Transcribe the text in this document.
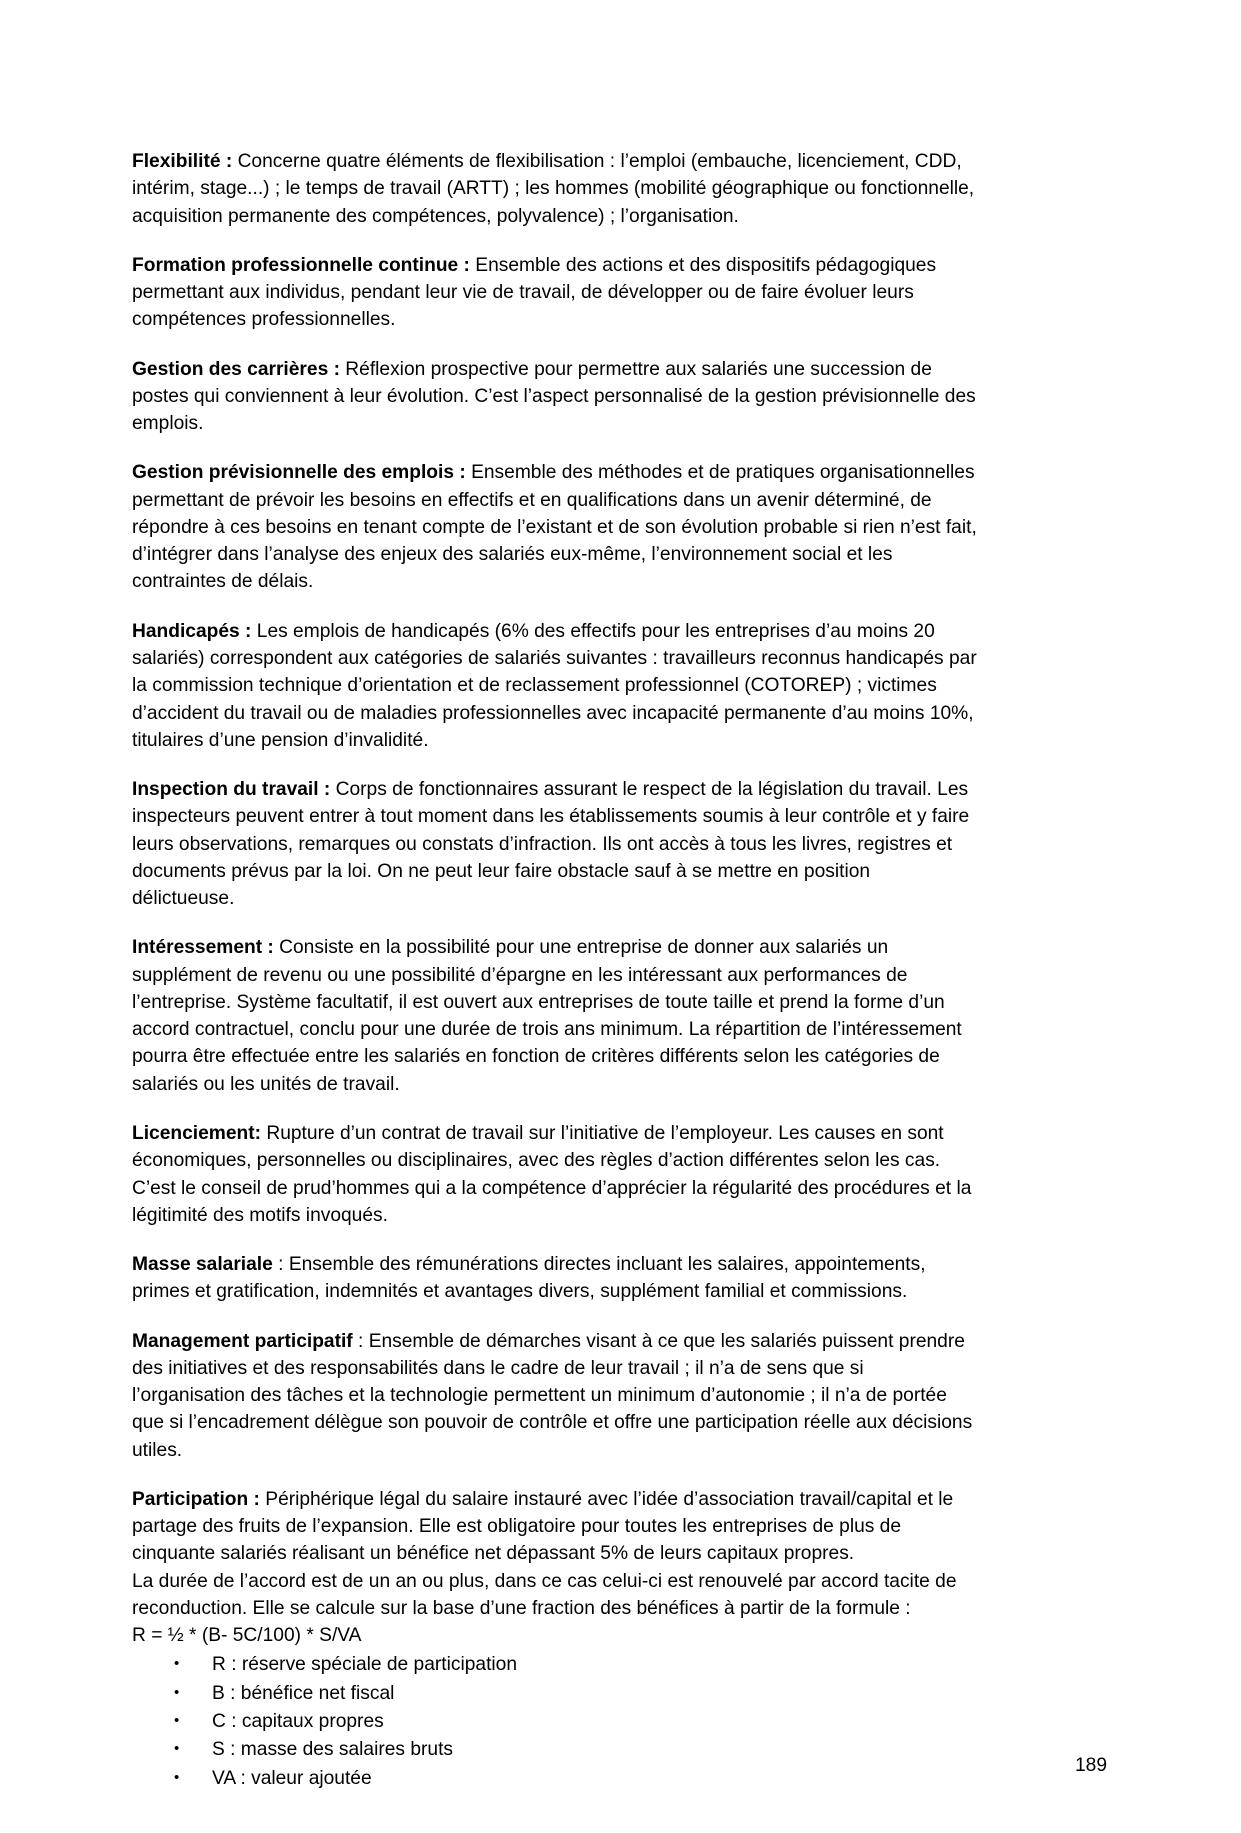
Flexibilité : Concerne quatre éléments de flexibilisation : l’emploi (embauche, licenciement, CDD, intérim, stage...) ; le temps de travail (ARTT) ; les hommes (mobilité géographique ou fonctionnelle, acquisition permanente des compétences, polyvalence) ; l’organisation.

Formation professionnelle continue : Ensemble des actions et des dispositifs pédagogiques permettant aux individus, pendant leur vie de travail, de développer ou de faire évoluer leurs compétences professionnelles.

Gestion des carrières : Réflexion prospective pour permettre aux salariés une succession de postes qui conviennent à leur évolution. C’est l’aspect personnalisé de la gestion prévisionnelle des emplois.

Gestion prévisionnelle des emplois : Ensemble des méthodes et de pratiques organisationnelles permettant de prévoir les besoins en effectifs et en qualifications dans un avenir déterminé, de répondre à ces besoins en tenant compte de l’existant et de son évolution probable si rien n’est fait, d’intégrer dans l’analyse des enjeux des salariés eux-même, l’environnement social et les contraintes de délais.

Handicapés : Les emplois de handicapés (6% des effectifs pour les entreprises d’au moins 20 salariés) correspondent aux catégories de salariés suivantes : travailleurs reconnus handicapés par la commission technique d’orientation et de reclassement professionnel (COTOREP) ; victimes d’accident du travail ou de maladies professionnelles avec incapacité permanente d’au moins 10%, titulaires d’une pension d’invalidité.

Inspection du travail : Corps de fonctionnaires assurant le respect de la législation du travail. Les inspecteurs peuvent entrer à tout moment dans les établissements soumis à leur contrôle et y faire leurs observations, remarques ou constats d’infraction. Ils ont accès à tous les livres, registres et documents prévus par la loi. On ne peut leur faire obstacle sauf à se mettre en position délictueuse.

Intéressement : Consiste en la possibilité pour une entreprise de donner aux salariés un supplément de revenu ou une possibilité d’épargne en les intéressant aux performances de l’entreprise. Système facultatif, il est ouvert aux entreprises de toute taille et prend la forme d’un accord contractuel, conclu pour une durée de trois ans minimum. La répartition de l’intéressement pourra être effectuée entre les salariés en fonction de critères différents selon les catégories de salariés ou les unités de travail.

Licenciement: Rupture d’un contrat de travail sur l’initiative de l’employeur. Les causes en sont économiques, personnelles ou disciplinaires, avec des règles d’action différentes selon les cas. C’est le conseil de prud’hommes qui a la compétence d’apprécier la régularité des procédures et la légitimité des motifs invoqués.

Masse salariale : Ensemble des rémunérations directes incluant les salaires, appointements, primes et gratification, indemnités et avantages divers, supplément familial et commissions.

Management participatif : Ensemble de démarches visant à ce que les salariés puissent prendre des initiatives et des responsabilités dans le cadre de leur travail ; il n’a de sens que si l’organisation des tâches et la technologie permettent un minimum d’autonomie ; il n’a de portée que si l’encadrement délègue son pouvoir de contrôle et offre une participation réelle aux décisions utiles.

Participation : Périphérique légal du salaire instauré avec l’idée d’association travail/capital et le partage des fruits de l’expansion. Elle est obligatoire pour toutes les entreprises de plus de cinquante salariés réalisant un bénéfice net dépassant 5% de leurs capitaux propres.
La durée de l’accord est de un an ou plus, dans ce cas celui-ci est renouvelé par accord tacite de reconduction. Elle se calcule sur la base d’une fraction des bénéfices à partir de la formule :
R = ½ * (B- 5C/100) * S/VA

• R : réserve spéciale de participation
• B : bénéfice net fiscal
• C : capitaux propres
• S : masse des salaires bruts
• VA : valeur ajoutée
189
